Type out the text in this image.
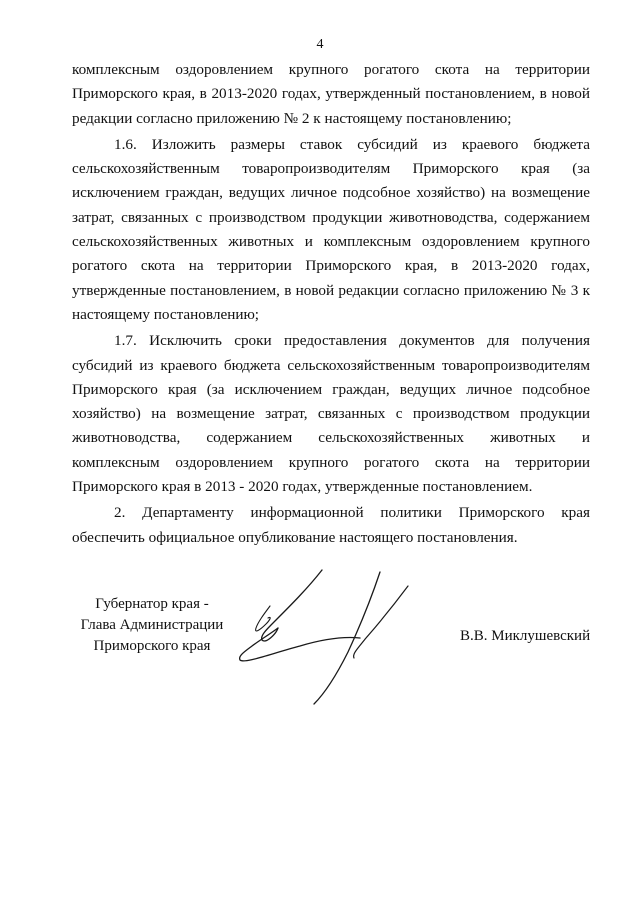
4

комплексным оздоровлением крупного рогатого скота на территории Приморского края, в 2013-2020 годах, утвержденный постановлением, в новой редакции согласно приложению № 2 к настоящему постановлению;

1.6. Изложить размеры ставок субсидий из краевого бюджета сельскохозяйственным товаропроизводителям Приморского края (за исключением граждан, ведущих личное подсобное хозяйство) на возмещение затрат, связанных с производством продукции животноводства, содержанием сельскохозяйственных животных и комплексным оздоровлением крупного рогатого скота на территории Приморского края, в 2013-2020 годах, утвержденные постановлением, в новой редакции согласно приложению № 3 к настоящему постановлению;

1.7. Исключить сроки предоставления документов для получения субсидий из краевого бюджета сельскохозяйственным товаропроизводителям Приморского края (за исключением граждан, ведущих личное подсобное хозяйство) на возмещение затрат, связанных с производством продукции животноводства, содержанием сельскохозяйственных животных и комплексным оздоровлением крупного рогатого скота на территории Приморского края в 2013 - 2020 годах, утвержденные постановлением.

2. Департаменту информационной политики Приморского края обеспечить официальное опубликование настоящего постановления.

Губернатор края -
Глава Администрации
Приморского края
В.В. Миклушевский
